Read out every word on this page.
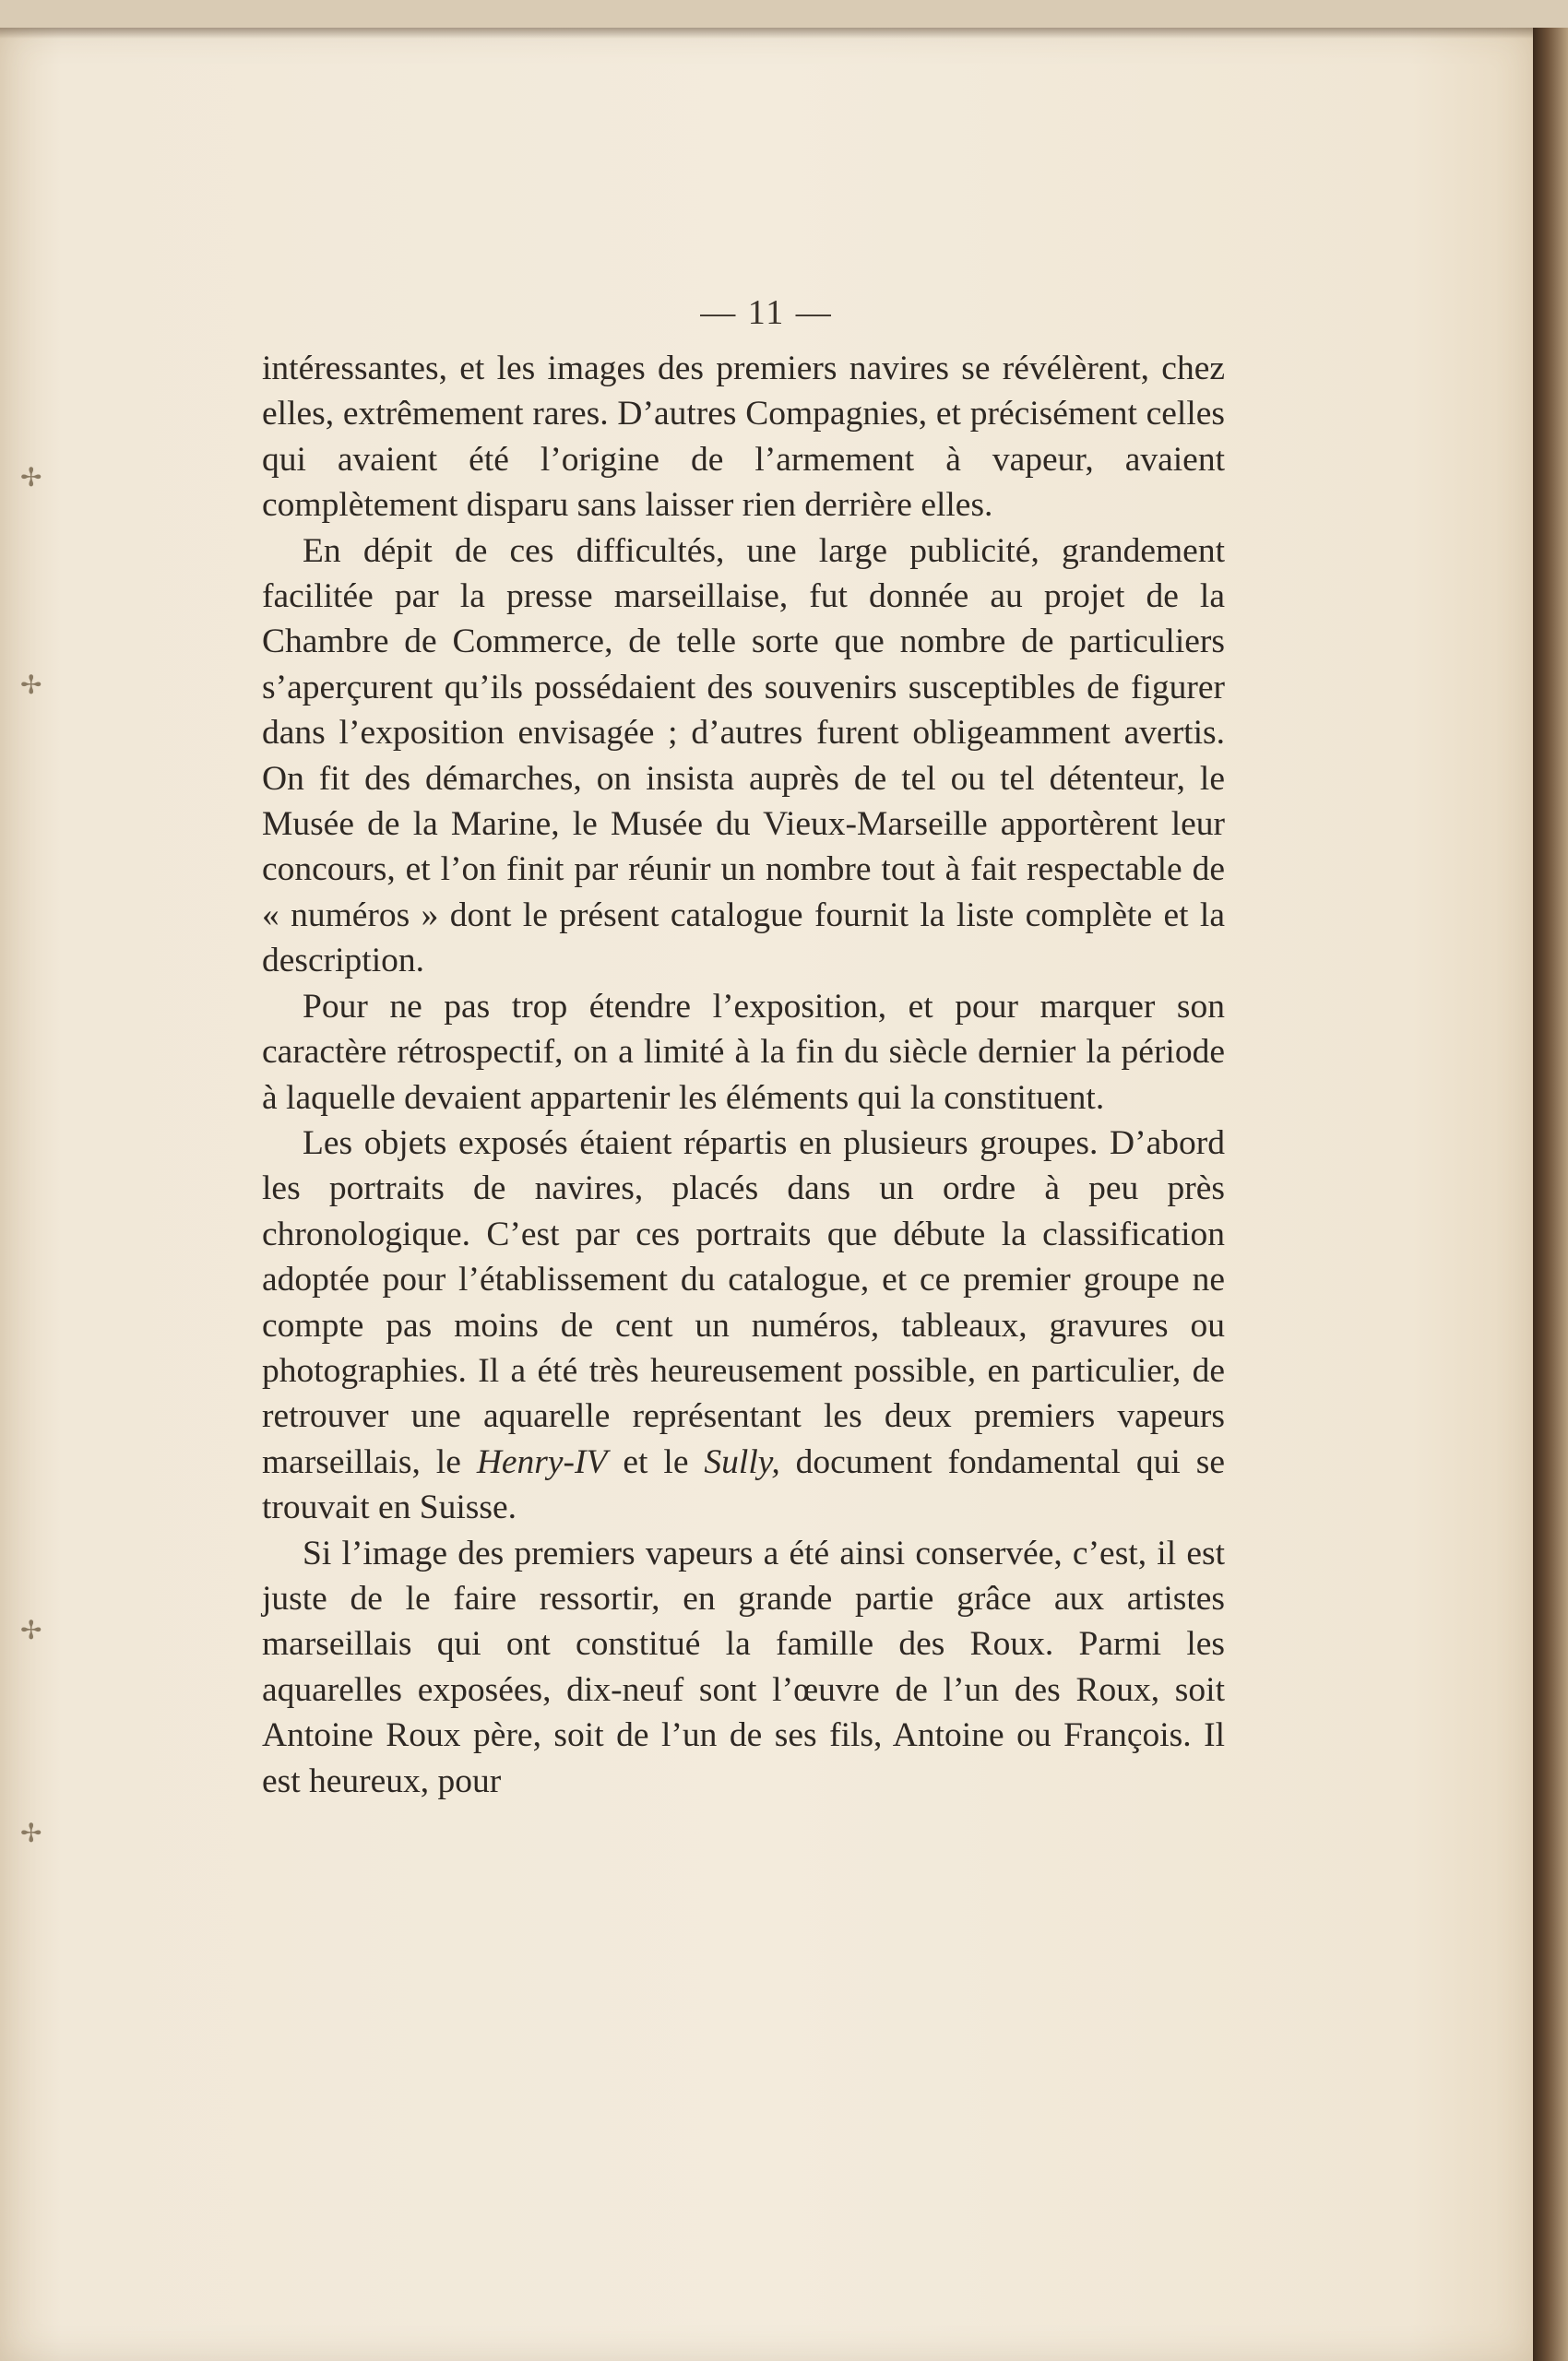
— 11 —

intéressantes, et les images des premiers navires se révélèrent, chez elles, extrêmement rares. D’autres Compagnies, et précisément celles qui avaient été l’origine de l’armement à vapeur, avaient complètement disparu sans laisser rien derrière elles.

En dépit de ces difficultés, une large publicité, grandement facilitée par la presse marseillaise, fut donnée au projet de la Chambre de Commerce, de telle sorte que nombre de particuliers s’aperçurent qu’ils possédaient des souvenirs susceptibles de figurer dans l’exposition envisagée ; d’autres furent obligeamment avertis. On fit des démarches, on insista auprès de tel ou tel détenteur, le Musée de la Marine, le Musée du Vieux-Marseille apportèrent leur concours, et l’on finit par réunir un nombre tout à fait respectable de « numéros » dont le présent catalogue fournit la liste complète et la description.

Pour ne pas trop étendre l’exposition, et pour marquer son caractère rétrospectif, on a limité à la fin du siècle dernier la période à laquelle devaient appartenir les éléments qui la constituent.

Les objets exposés étaient répartis en plusieurs groupes. D’abord les portraits de navires, placés dans un ordre à peu près chronologique. C’est par ces portraits que débute la classification adoptée pour l’établissement du catalogue, et ce premier groupe ne compte pas moins de cent un numéros, tableaux, gravures ou photographies. Il a été très heureusement possible, en particulier, de retrouver une aquarelle représentant les deux premiers vapeurs marseillais, le Henry-IV et le Sully, document fondamental qui se trouvait en Suisse.

Si l’image des premiers vapeurs a été ainsi conservée, c’est, il est juste de le faire ressortir, en grande partie grâce aux artistes marseillais qui ont constitué la famille des Roux. Parmi les aquarelles exposées, dix-neuf sont l’œuvre de l’un des Roux, soit Antoine Roux père, soit de l’un de ses fils, Antoine ou François. Il est heureux, pour

✢
✢
✢
✢
